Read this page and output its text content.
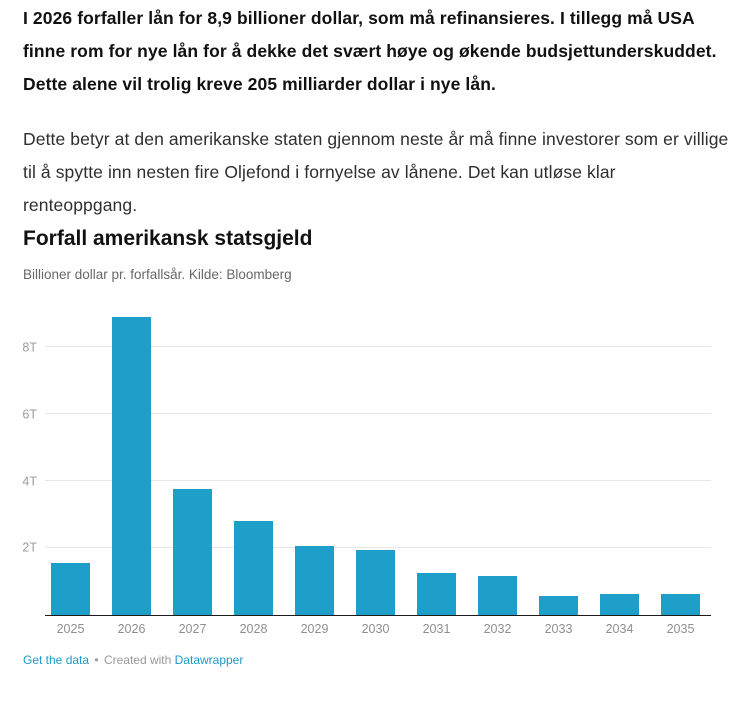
I 2026 forfaller lån for 8,9 billioner dollar, som må refinansieres. I tillegg må USA finne rom for nye lån for å dekke det svært høye og økende budsjettunderskuddet. Dette alene vil trolig kreve 205 milliarder dollar i nye lån.

Dette betyr at den amerikanske staten gjennom neste år må finne investorer som er villige til å spytte inn nesten fire Oljefond i fornyelse av lånene. Det kan utløse klar renteoppgang.

Forfall amerikansk statsgjeld
Billioner dollar pr. forfallsår. Kilde: Bloomberg
2T
4T
6T
8T
2025	2026	2027	2028	2029	2030	2031	2032	2033	2034	2035
Get the data • Created with Datawrapper
